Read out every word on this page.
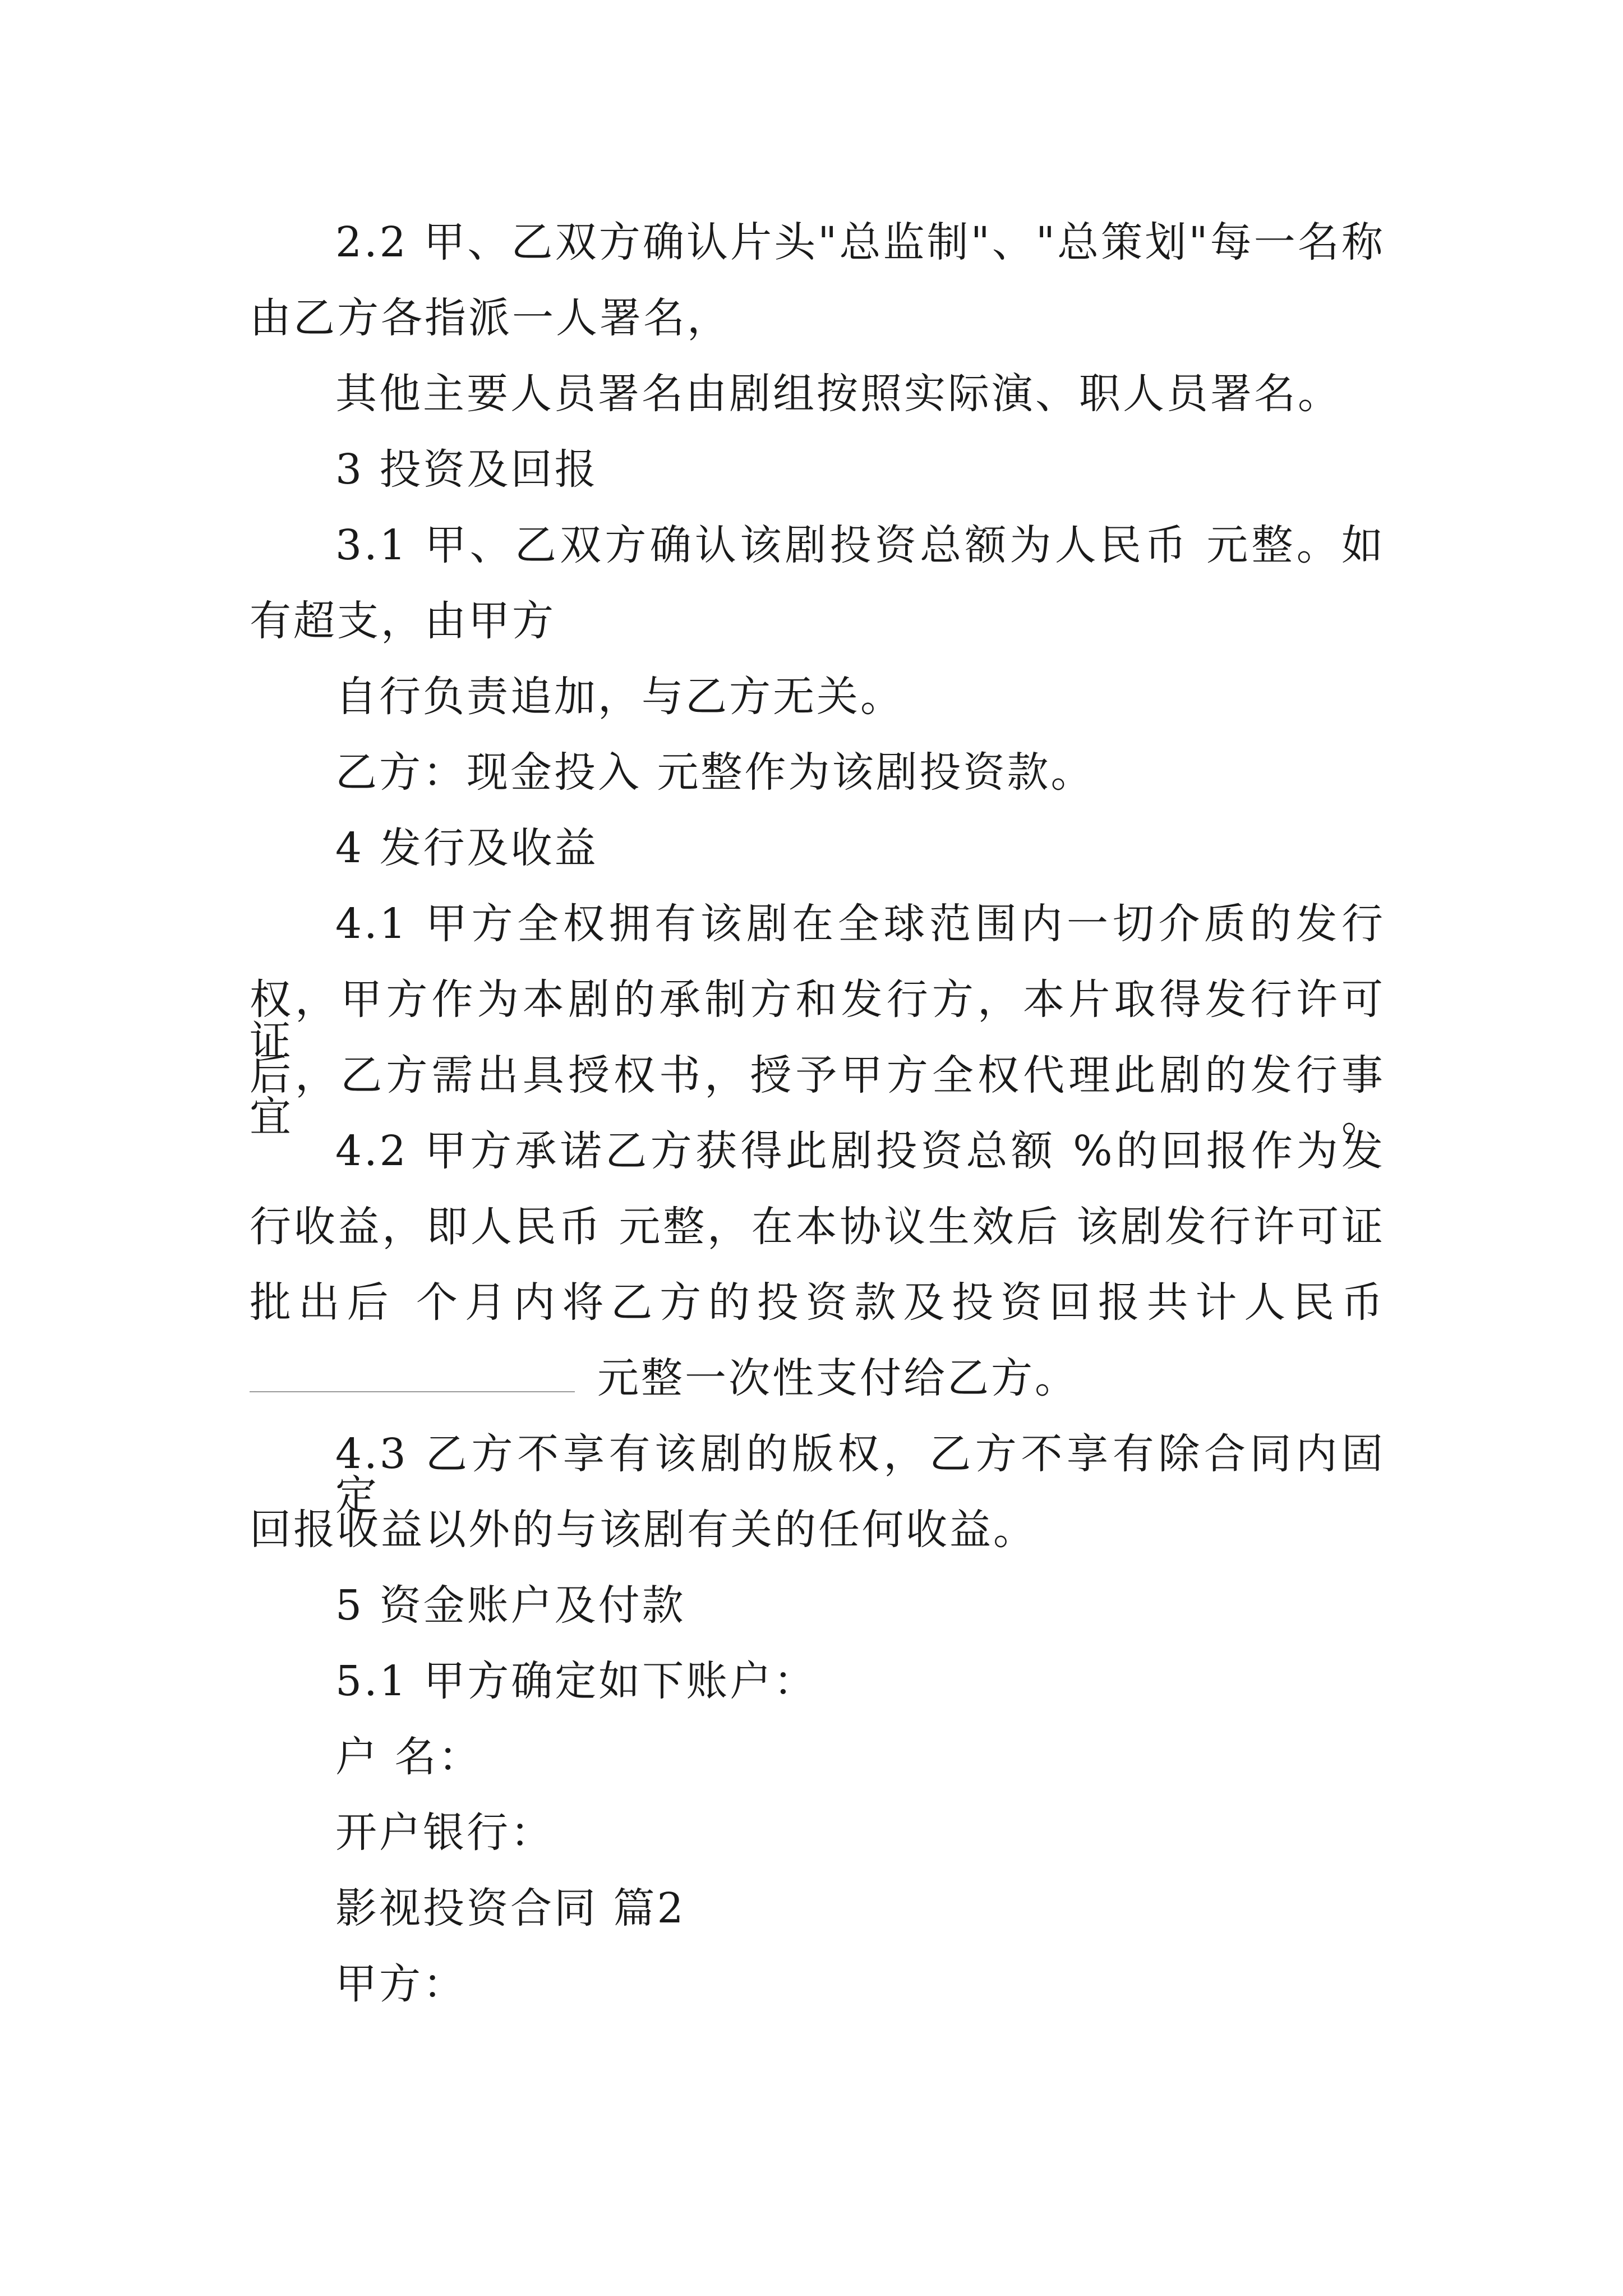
2.2 甲、乙双方确认片头"总监制"、"总策划"每一名称
由乙方各指派一人署名，
其他主要人员署名由剧组按照实际演、职人员署名。
3 投资及回报
3.1 甲、乙双方确认该剧投资总额为人民币 元整。如
有超支，由甲方
自行负责追加，与乙方无关。
乙方：现金投入 元整作为该剧投资款。
4 发行及收益
4.1 甲方全权拥有该剧在全球范围内一切介质的发行
权，甲方作为本剧的承制方和发行方，本片取得发行许可证
后，乙方需出具授权书，授予甲方全权代理此剧的发行事宜。
4.2 甲方承诺乙方获得此剧投资总额 %的回报作为发
行收益，即人民币 元整，在本协议生效后 该剧发行许可证
批出后 个月内将乙方的投资款及投资回报共计人民币
元整一次性支付给乙方。
4.3 乙方不享有该剧的版权，乙方不享有除合同内固定
回报收益以外的与该剧有关的任何收益。
5 资金账户及付款
5.1 甲方确定如下账户：
户 名：
开户银行：
影视投资合同 篇2
甲方：
